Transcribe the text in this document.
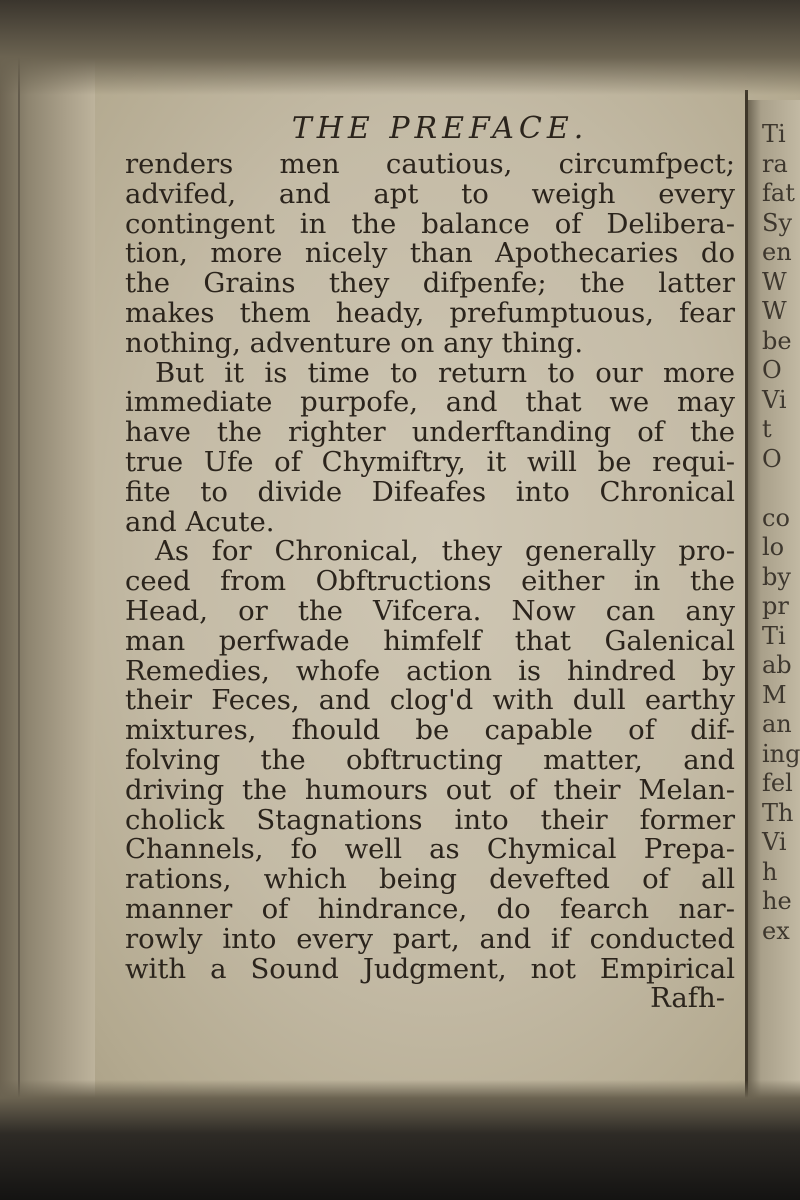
Ti
ra
fat
Sy
en
W
W
be
O
Vi
t
O

co
lo
by
pr
Ti
ab
M
an
ing
fel
Th
Vi
h
he
ex
THE PREFACE.
renders men cautious, circumfpect;
advifed, and apt to weigh every
contingent in the balance of Delibera-
tion, more nicely than Apothecaries do
the Grains they difpenfe; the latter
makes them heady, prefumptuous, fear
nothing, adventure on any thing.
But it is time to return to our more
immediate purpofe, and that we may
have the righter underftanding of the
true Ufe of Chymiftry, it will be requi-
fite to divide Difeafes into Chronical
and Acute.
As for Chronical, they generally pro-
ceed from Obftructions either in the
Head, or the Vifcera. Now can any
man perfwade himfelf that Galenical
Remedies, whofe action is hindred by
their Feces, and clog'd with dull earthy
mixtures, fhould be capable of dif-
folving the obftructing matter, and
driving the humours out of their Melan-
cholick Stagnations into their former
Channels, fo well as Chymical Prepa-
rations, which being devefted of all
manner of hindrance, do fearch nar-
rowly into every part, and if conducted
with a Sound Judgment, not Empirical
Rafh-
